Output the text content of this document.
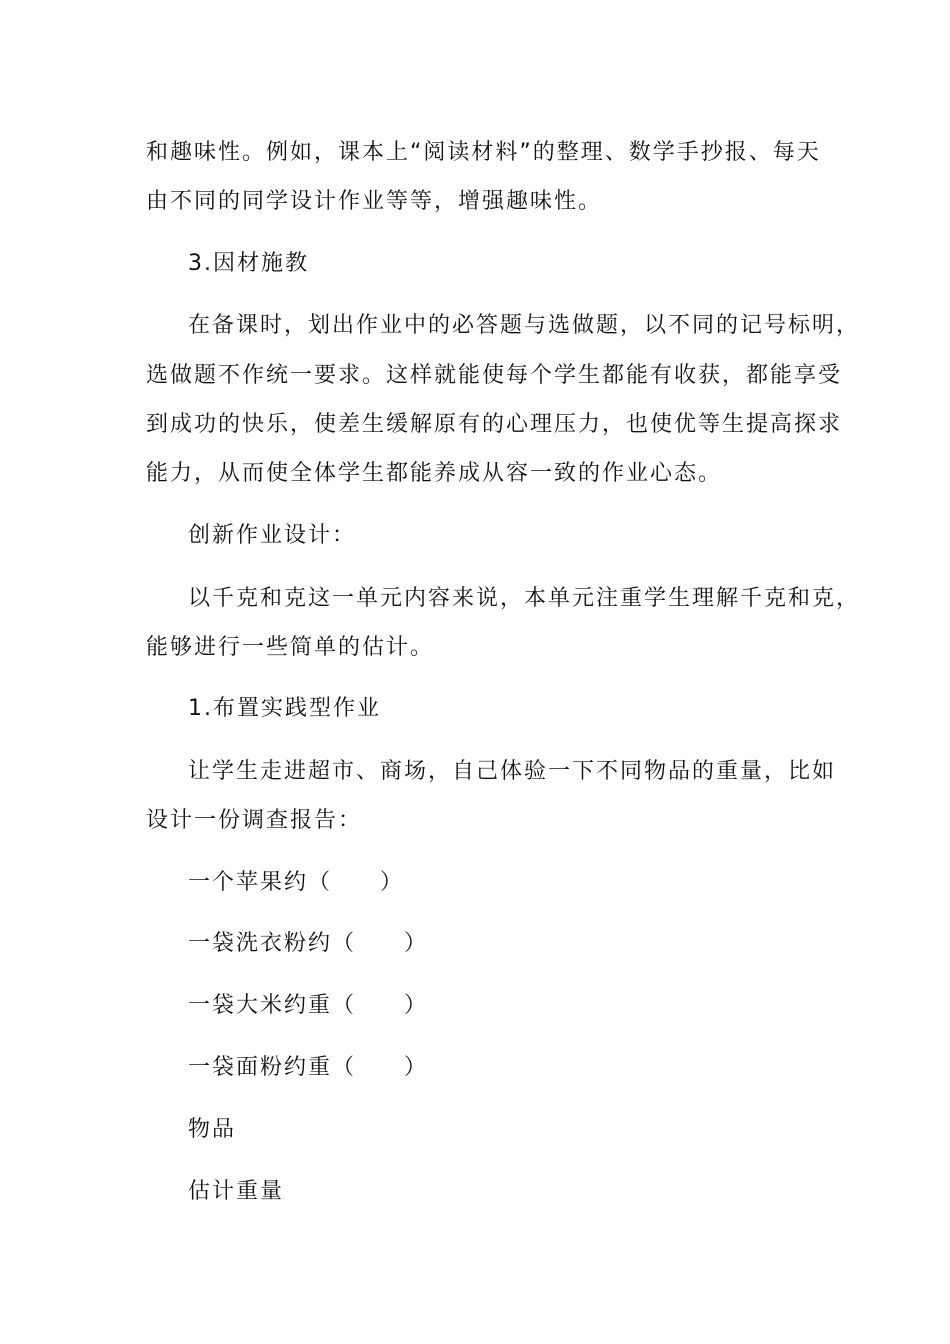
和趣味性。例如，课本上“阅读材料”的整理、数学手抄报、每天
由不同的同学设计作业等等，增强趣味性。
3.因材施教
在备课时，划出作业中的必答题与选做题，以不同的记号标明，
选做题不作统一要求。这样就能使每个学生都能有收获，都能享受
到成功的快乐，使差生缓解原有的心理压力，也使优等生提高探求
能力，从而使全体学生都能养成从容一致的作业心态。
创新作业设计：
以千克和克这一单元内容来说，本单元注重学生理解千克和克，
能够进行一些简单的估计。
1.布置实践型作业
让学生走进超市、商场，自己体验一下不同物品的重量，比如
设计一份调查报告：
一个苹果约（　　）
一袋洗衣粉约（　　）
一袋大米约重（　　）
一袋面粉约重（　　）
物品
估计重量
